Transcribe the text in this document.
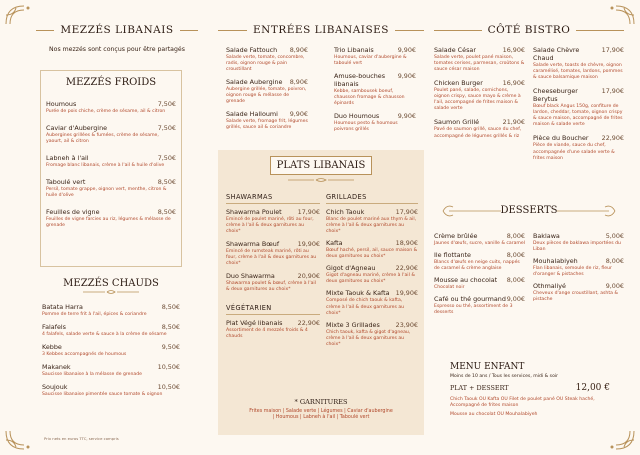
MEZZÉS LIBANAIS
Nos mezzés sont conçus pour être partagés
MEZZÉS FROIDS
Houmous	7,50€
Purée de pois chiche, crème de sésame, ail & citron
Caviar d'Aubergine	7,50€
Aubergines grillées & fumées, crème de sésame, yaourt, ail & citron
Labneh à l'ail	7,50€
Fromage blanc libanais, crème à l'ail & huile d'olive
Taboulé vert	8,50€
Persil, tomate grappe, oignon vert, menthe, citron & huile d'olive
Feuilles de vigne	8,50€
Feuilles de vigne farcies au riz, légumes & mélasse de grenade
MEZZÉS CHAUDS
Batata Harra	8,50€
Pomme de terre frit à l'ail, épices & coriandre
Falafels	8,50€
4 falafels, salade verte & sauce à la crème de sésame
Kebbe	9,50€
3 Kebbes accompagnés de houmous
Makanek	10,50€
Saucisse libanaise à la mélasse de grenade
Soujouk	10,50€
Saucisse libanaise pimentée sauce tomate & oignon
Prix nets en euros TTC, service compris
ENTRÉES LIBANAISES
Salade Fattouch 8,90€
Salade verte, tomate, concombre, radis, oignon rouge & pain croustillant
Salade Aubergine 8,90€
Aubergine grillée, tomate, poivron, oignon rouge & mélasse de grenade
Salade Halloumi 9,90€
Salade verte, fromage frit, légumes grillés, sauce ail & coriandre
Trio Libanais	9,90€
Houmous, caviar d'aubergine & taboulé vert
Amuse-bouches libanais
9,90€
Kebbe, sambousek boeuf, chausson fromage & chausson épinards
Duo Houmous	9,90€
Houmous pesto & houmous poivrons grillés
PLATS LIBANAIS
SHAWARMAS
Shawarma Poulet 17,90€
Emincé de poulet mariné, rôti au four, crème à l'ail & deux garnitures au choix*
Shawarma Bœuf	19,90€
Emincé de rumsteak mariné, rôti au four, crème à l'ail & deux garnitures au choix*
Duo Shawarma	20,90€
Shawarma poulet & bœuf, crème à l'ail & deux garnitures au choix*
VÉGÉTARIEN
Plat Végé libanais 22,90€
Assortiment de 4 mezzés froids & 4 chauds
GRILLADES
Chich Taouk	17,90€
Blanc de poulet mariné aux thym & ail, crème à l'ail & deux garnitures au choix*
Kafta	18,90€
Bœuf haché, persil, ail, sauce maison & deux garnitures au choix*
Gigot d'Agneau	22,90€
Gigot d'agneau mariné, crème à l'ail & deux garnitures au choix*
Mixte Taouk & Kafta 19,90€
Composé de chich taouk & kafta, crème à l'ail & deux garnitures au choix*
Mixte 3 Grillades 23,90€
Chich taouk, kafta & gigot d'agneau, crème à l'ail & deux garnitures au choix*
* GARNITURES
Frites maison | Salade verte | Légumes | Caviar d'aubergine | Houmous | Labneh à l'ail | Taboulé vert
CÔTÉ BISTRO
Salade César	16,90€
Salade verte, poulet pané maison, tomates cerises, parmesan, croûtons & sauce césar maison
Chicken Burger	16,90€
Poulet pané, salade, cornichons, oignon crispy, sauce mayo & crème à l'ail, accompagné de frites maison & salade verte
Saumon Grillé	21,90€
Pavé de saumon grillé, sauce du chef, accompagné de légumes grillés & riz
Salade Chèvre Chaud
17,90€
Salade verte, toasts de chèvre, oignon caramélisé, tomates, lardons, pommes & sauce balsamique maison
Cheeseburger Berytus
17,90€
Bœuf black Angus 150g, confiture de lardon, cheddar, tomate, oignon crispy & sauce maison, accompagné de frites maison & salade verte
Pièce du Boucher 22,90€
Pièce de viande, sauce du chef, accompagnée d'une salade verte & frites maison
DESSERTS
Crème brûlée	8,00€
Jaunes d'œufs, sucre, vanille & caramel
Ile flottante	8,00€
Blancs d'œufs en neige cuits, nappés de caramel & crème anglaise
Mousse au chocolat 8,00€
Chocolat noir
Café ou thé gourmand 9,00€
Espresso ou thé, assortiment de 3 desserts
Baklawa	5,00€
Deux pièces de baklawa importées du Liban
Mouhalabiyeh	8,00€
Flan libanais, semoule de riz, fleur d'oranger & pistaches
Othmaliyé	9,00€
Cheveux d'ange croustillant, ashta & pistache
MENU ENFANT
Moins de 10 ans / Tous les services, midi & soir
PLAT + DESSERT	12,00 €
Chich Taouk OU Kafta OU Filet de poulet pané OU Steak haché, Accompagné de frites maison
Mousse au chocolat OU Mouhalabiyeh
